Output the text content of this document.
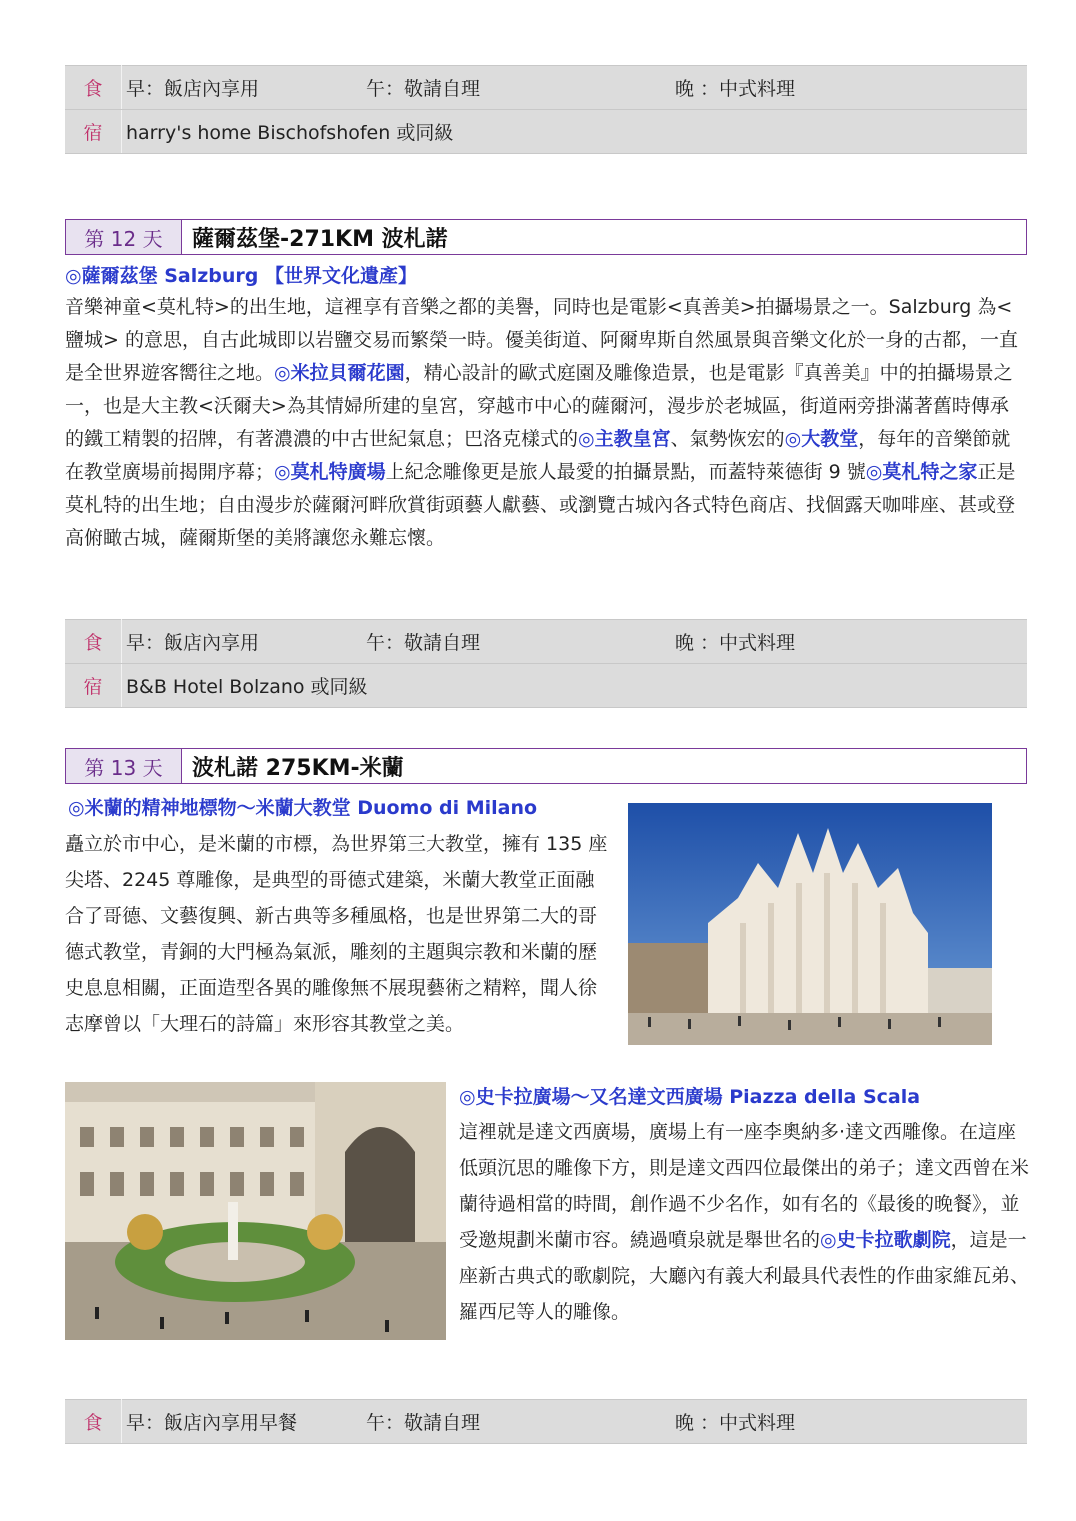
食	早：飯店內享用	午：敬請自理	晚 ：中式料理
宿	harry's home Bischofshofen 或同級		
第 12 天	薩爾茲堡-271KM 波札諾
◎薩爾茲堡 Salzburg 【世界文化遺產】
音樂神童<莫札特>的出生地，這裡享有音樂之都的美譽，同時也是電影<真善美>拍攝場景之一。Salzburg 為<鹽城> 的意思，自古此城即以岩鹽交易而繁榮一時。優美街道、阿爾卑斯自然風景與音樂文化於一身的古都，一直是全世界遊客嚮往之地。◎米拉貝爾花園，精心設計的歐式庭園及雕像造景，也是電影『真善美』中的拍攝場景之一，也是大主教<沃爾夫>為其情婦所建的皇宮，穿越市中心的薩爾河，漫步於老城區，街道兩旁掛滿著舊時傳承的鐵工精製的招牌，有著濃濃的中古世紀氣息；巴洛克樣式的◎主教皇宮、氣勢恢宏的◎大教堂，每年的音樂節就在教堂廣場前揭開序幕；◎莫札特廣場上紀念雕像更是旅人最愛的拍攝景點，而蓋特萊德街 9 號◎莫札特之家正是莫札特的出生地；自由漫步於薩爾河畔欣賞街頭藝人獻藝、或瀏覽古城內各式特色商店、找個露天咖啡座、甚或登高俯瞰古城，薩爾斯堡的美將讓您永難忘懷。
食	早：飯店內享用	午：敬請自理	晚 ：中式料理
宿	B&B Hotel Bolzano 或同級		
第 13 天	波札諾 275KM-米蘭
◎米蘭的精神地標物～米蘭大教堂 Duomo di Milano
矗立於市中心，是米蘭的市標，為世界第三大教堂，擁有 135 座尖塔、2245 尊雕像，是典型的哥德式建築，米蘭大教堂正面融合了哥德、文藝復興、新古典等多種風格，也是世界第二大的哥德式教堂，青銅的大門極為氣派，雕刻的主題與宗教和米蘭的歷史息息相關，正面造型各異的雕像無不展現藝術之精粹，聞人徐志摩曾以「大理石的詩篇」來形容其教堂之美。
◎史卡拉廣場～又名達文西廣場 Piazza della Scala
這裡就是達文西廣場，廣場上有一座李奧納多·達文西雕像。在這座低頭沉思的雕像下方，則是達文西四位最傑出的弟子；達文西曾在米蘭待過相當的時間，創作過不少名作，如有名的《最後的晚餐》，並受邀規劃米蘭市容。繞過噴泉就是舉世名的◎史卡拉歌劇院，這是一座新古典式的歌劇院，大廳內有義大利最具代表性的作曲家維瓦弟、羅西尼等人的雕像。
食	早：飯店內享用早餐	午：敬請自理	晚 ：中式料理
